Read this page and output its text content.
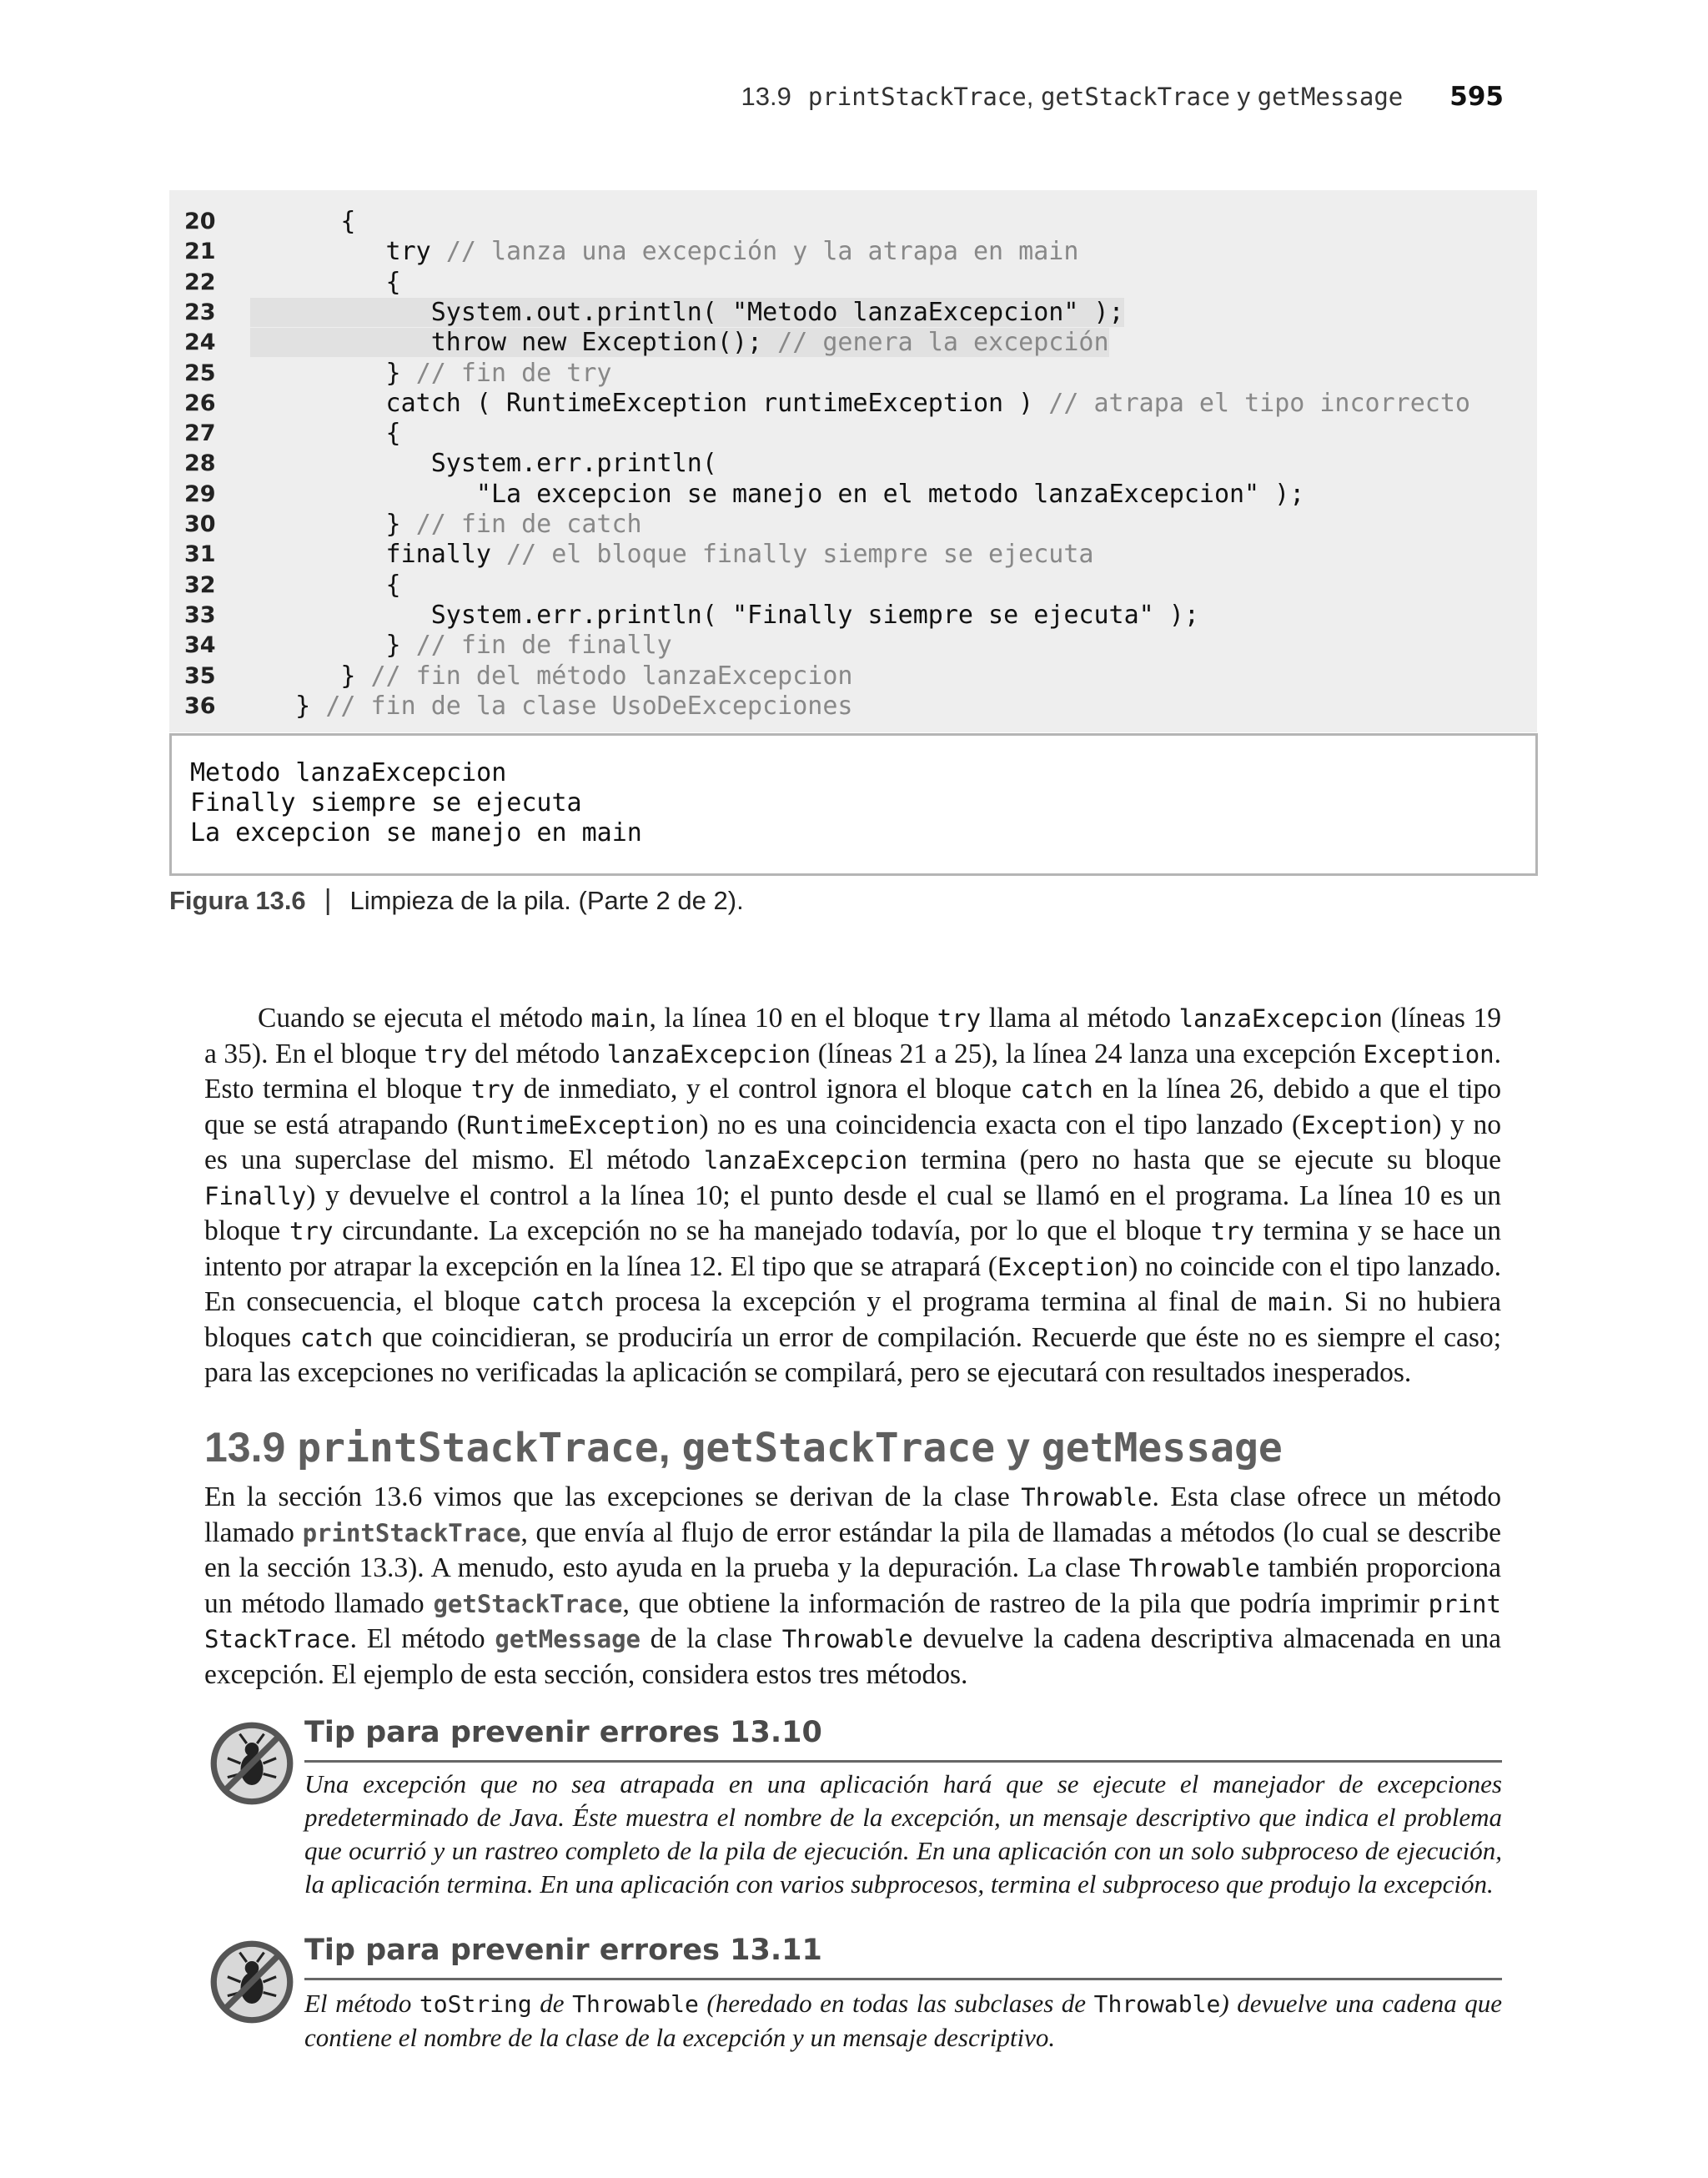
13.9 printStackTrace, getStackTrace y getMessage 595
20	{
21	try // lanza una excepción y la atrapa en main
22	{
23	System.out.println( "Metodo lanzaExcepcion" );
24	throw new Exception(); // genera la excepción
25	} // fin de try
26	catch ( RuntimeException runtimeException ) // atrapa el tipo incorrecto
27	{
28	System.err.println(
29	"La excepcion se manejo en el metodo lanzaExcepcion" );
30	} // fin de catch
31	finally // el bloque finally siempre se ejecuta
32	{
33	System.err.println( "Finally siempre se ejecuta" );
34	} // fin de finally
35	} // fin del método lanzaExcepcion
36	} // fin de la clase UsoDeExcepciones
Metodo lanzaExcepcion
Finally siempre se ejecuta
La excepcion se manejo en main
Figura 13.6 | Limpieza de la pila. (Parte 2 de 2).
Cuando se ejecuta el método main, la línea 10 en el bloque try llama al método lanzaExcepcion (líneas 19 a 35). En el bloque try del método lanzaExcepcion (líneas 21 a 25), la línea 24 lanza una excepción Exception. Esto termina el bloque try de inmediato, y el control ignora el bloque catch en la línea 26, debido a que el tipo que se está atrapando (RuntimeException) no es una coincidencia exacta con el tipo lanzado (Exception) y no es una superclase del mismo. El método lanzaExcepcion termina (pero no hasta que se ejecute su bloque Finally) y devuelve el control a la línea 10; el punto desde el cual se llamó en el programa. La línea 10 es un bloque try circundante. La excepción no se ha manejado todavía, por lo que el bloque try termina y se hace un intento por atrapar la excepción en la línea 12. El tipo que se atrapará (Exception) no coincide con el tipo lanzado. En consecuencia, el bloque catch procesa la excepción y el programa termina al final de main. Si no hubiera bloques catch que coincidieran, se produciría un error de compilación. Recuerde que éste no es siempre el caso; para las excepciones no verificadas la aplicación se compilará, pero se ejecutará con resultados inesperados.
13.9 printStackTrace, getStackTrace y getMessage
En la sección 13.6 vimos que las excepciones se derivan de la clase Throwable. Esta clase ofrece un método llamado printStackTrace, que envía al flujo de error estándar la pila de llamadas a métodos (lo cual se describe en la sección 13.3). A menudo, esto ayuda en la prueba y la depuración. La clase Throwable también proporciona un método llamado getStackTrace, que obtiene la información de rastreo de la pila que podría imprimir print StackTrace. El método getMessage de la clase Throwable devuelve la cadena descriptiva almacenada en una excepción. El ejemplo de esta sección, considera estos tres métodos.
Tip para prevenir errores 13.10
Una excepción que no sea atrapada en una aplicación hará que se ejecute el manejador de excepciones predeterminado de Java. Éste muestra el nombre de la excepción, un mensaje descriptivo que indica el problema que ocurrió y un rastreo completo de la pila de ejecución. En una aplicación con un solo subproceso de ejecución, la aplicación termina. En una aplicación con varios subprocesos, termina el subproceso que produjo la excepción.
Tip para prevenir errores 13.11
El método toString de Throwable (heredado en todas las subclases de Throwable) devuelve una cadena que contiene el nombre de la clase de la excepción y un mensaje descriptivo.
